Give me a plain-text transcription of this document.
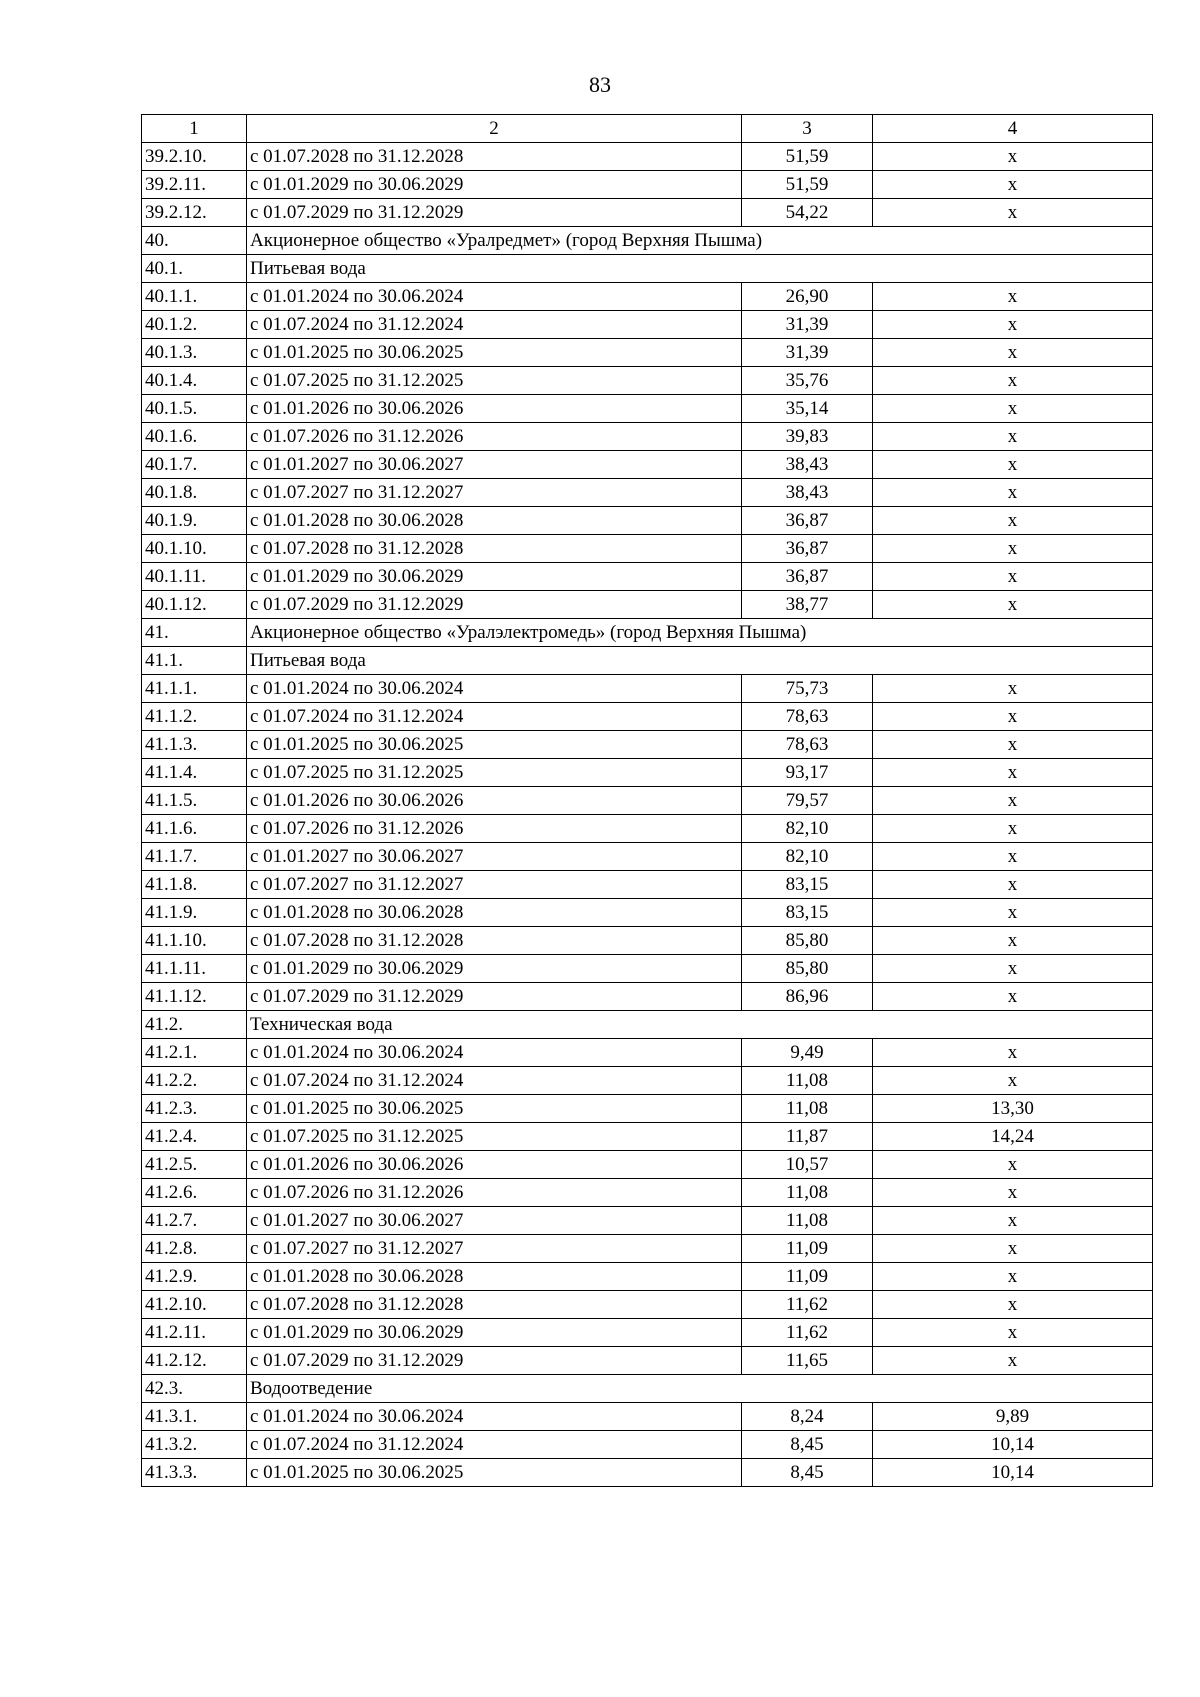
83
1	2	3	4
39.2.10.	с 01.07.2028 по 31.12.2028	51,59	х
39.2.11.	с 01.01.2029 по 30.06.2029	51,59	х
39.2.12.	с 01.07.2029 по 31.12.2029	54,22	х
40.	Акционерное общество «Уралредмет» (город Верхняя Пышма)		
40.1.	Питьевая вода		
40.1.1.	с 01.01.2024 по 30.06.2024	26,90	х
40.1.2.	с 01.07.2024 по 31.12.2024	31,39	х
40.1.3.	с 01.01.2025 по 30.06.2025	31,39	х
40.1.4.	с 01.07.2025 по 31.12.2025	35,76	х
40.1.5.	с 01.01.2026 по 30.06.2026	35,14	х
40.1.6.	с 01.07.2026 по 31.12.2026	39,83	х
40.1.7.	с 01.01.2027 по 30.06.2027	38,43	х
40.1.8.	с 01.07.2027 по 31.12.2027	38,43	х
40.1.9.	с 01.01.2028 по 30.06.2028	36,87	х
40.1.10.	с 01.07.2028 по 31.12.2028	36,87	х
40.1.11.	с 01.01.2029 по 30.06.2029	36,87	х
40.1.12.	с 01.07.2029 по 31.12.2029	38,77	х
41.	Акционерное общество «Уралэлектромедь» (город Верхняя Пышма)		
41.1.	Питьевая вода		
41.1.1.	с 01.01.2024 по 30.06.2024	75,73	х
41.1.2.	с 01.07.2024 по 31.12.2024	78,63	х
41.1.3.	с 01.01.2025 по 30.06.2025	78,63	х
41.1.4.	с 01.07.2025 по 31.12.2025	93,17	х
41.1.5.	с 01.01.2026 по 30.06.2026	79,57	х
41.1.6.	с 01.07.2026 по 31.12.2026	82,10	х
41.1.7.	с 01.01.2027 по 30.06.2027	82,10	х
41.1.8.	с 01.07.2027 по 31.12.2027	83,15	х
41.1.9.	с 01.01.2028 по 30.06.2028	83,15	х
41.1.10.	с 01.07.2028 по 31.12.2028	85,80	х
41.1.11.	с 01.01.2029 по 30.06.2029	85,80	х
41.1.12.	с 01.07.2029 по 31.12.2029	86,96	х
41.2.	Техническая вода		
41.2.1.	с 01.01.2024 по 30.06.2024	9,49	х
41.2.2.	с 01.07.2024 по 31.12.2024	11,08	х
41.2.3.	с 01.01.2025 по 30.06.2025	11,08	13,30
41.2.4.	с 01.07.2025 по 31.12.2025	11,87	14,24
41.2.5.	с 01.01.2026 по 30.06.2026	10,57	х
41.2.6.	с 01.07.2026 по 31.12.2026	11,08	х
41.2.7.	с 01.01.2027 по 30.06.2027	11,08	х
41.2.8.	с 01.07.2027 по 31.12.2027	11,09	х
41.2.9.	с 01.01.2028 по 30.06.2028	11,09	х
41.2.10.	с 01.07.2028 по 31.12.2028	11,62	х
41.2.11.	с 01.01.2029 по 30.06.2029	11,62	х
41.2.12.	с 01.07.2029 по 31.12.2029	11,65	х
42.3.	Водоотведение		
41.3.1.	с 01.01.2024 по 30.06.2024	8,24	9,89
41.3.2.	с 01.07.2024 по 31.12.2024	8,45	10,14
41.3.3.	с 01.01.2025 по 30.06.2025	8,45	10,14
